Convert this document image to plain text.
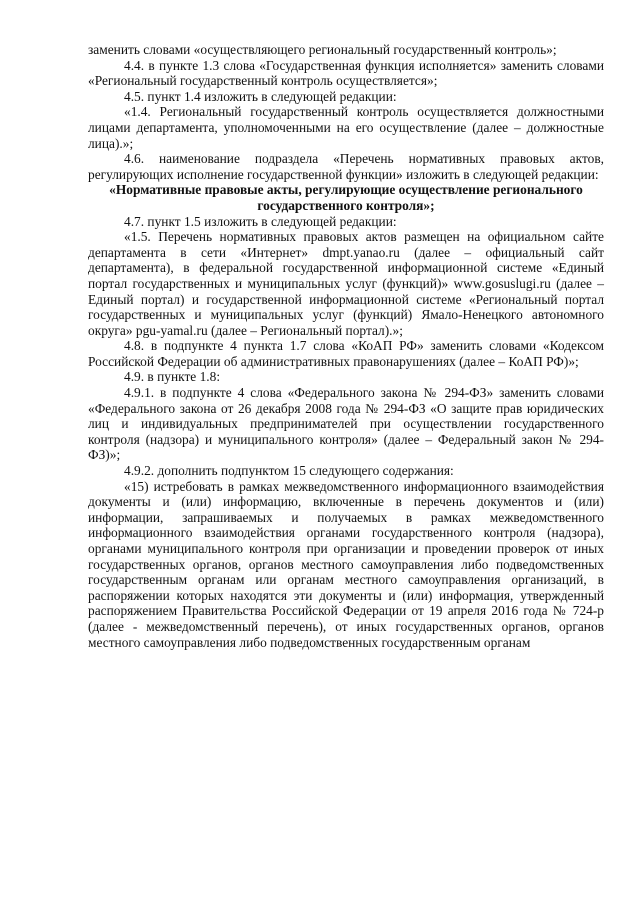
заменить словами «осуществляющего региональный государственный контроль»;

4.4. в пункте 1.3 слова «Государственная функция исполняется» заменить словами «Региональный государственный контроль осуществляется»;

4.5. пункт 1.4 изложить в следующей редакции:

«1.4. Региональный государственный контроль осуществляется должностными лицами департамента, уполномоченными на его осуществление (далее – должностные лица).»;

4.6. наименование подраздела «Перечень нормативных правовых актов, регулирующих исполнение государственной функции» изложить в следующей редакции:

«Нормативные правовые акты, регулирующие осуществление регионального государственного контроля»;

4.7. пункт 1.5 изложить в следующей редакции:

«1.5. Перечень нормативных правовых актов размещен на официальном сайте департамента в сети «Интернет» dmpt.yanao.ru (далее – официальный сайт департамента), в федеральной государственной информационной системе «Единый портал государственных и муниципальных услуг (функций)» www.gosuslugi.ru (далее – Единый портал) и государственной информационной системе «Региональный портал государственных и муниципальных услуг (функций) Ямало-Ненецкого автономного округа» pgu-yamal.ru (далее – Региональный портал).»;

4.8. в подпункте 4 пункта 1.7 слова «КоАП РФ» заменить словами «Кодексом Российской Федерации об административных правонарушениях (далее – КоАП РФ)»;

4.9. в пункте 1.8:

4.9.1. в подпункте 4 слова «Федерального закона № 294-ФЗ» заменить словами «Федерального закона от 26 декабря 2008 года № 294-ФЗ «О защите прав юридических лиц и индивидуальных предпринимателей при осуществлении государственного контроля (надзора) и муниципального контроля» (далее – Федеральный закон № 294-ФЗ)»;

4.9.2. дополнить подпунктом 15 следующего содержания:

«15) истребовать в рамках межведомственного информационного взаимодействия документы и (или) информацию, включенные в перечень документов и (или) информации, запрашиваемых и получаемых в рамках межведомственного информационного взаимодействия органами государственного контроля (надзора), органами муниципального контроля при организации и проведении проверок от иных государственных органов, органов местного самоуправления либо подведомственных государственным органам или органам местного самоуправления организаций, в распоряжении которых находятся эти документы и (или) информация, утвержденный распоряжением Правительства Российской Федерации от 19 апреля 2016 года № 724-р (далее - межведомственный перечень), от иных государственных органов, органов местного самоуправления либо подведомственных государственным органам
